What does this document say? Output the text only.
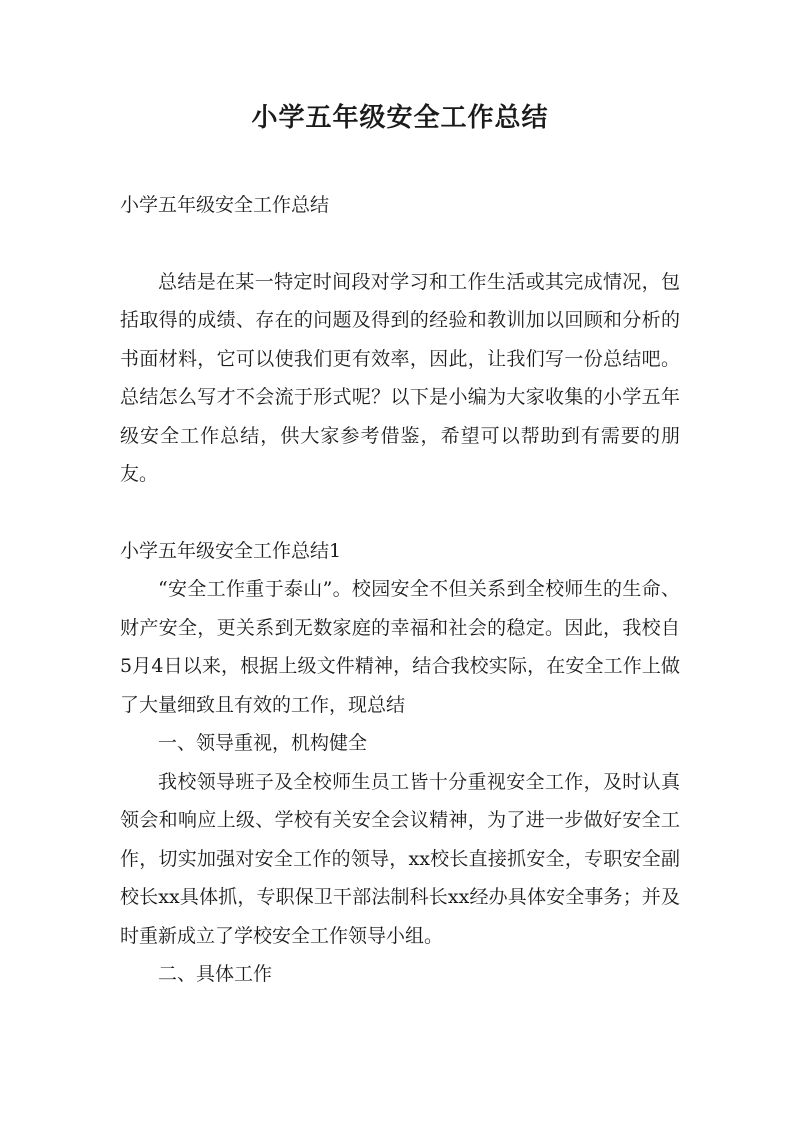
小学五年级安全工作总结

小学五年级安全工作总结

总结是在某一特定时间段对学习和工作生活或其完成情况，包括取得的成绩、存在的问题及得到的经验和教训加以回顾和分析的书面材料，它可以使我们更有效率，因此，让我们写一份总结吧。总结怎么写才不会流于形式呢？以下是小编为大家收集的小学五年级安全工作总结，供大家参考借鉴，希望可以帮助到有需要的朋友。

小学五年级安全工作总结1

“安全工作重于泰山”。校园安全不但关系到全校师生的生命、财产安全，更关系到无数家庭的幸福和社会的稳定。因此，我校自5月4日以来，根据上级文件精神，结合我校实际，在安全工作上做了大量细致且有效的工作，现总结

一、领导重视，机构健全

我校领导班子及全校师生员工皆十分重视安全工作，及时认真领会和响应上级、学校有关安全会议精神，为了进一步做好安全工作，切实加强对安全工作的领导，xx校长直接抓安全，专职安全副校长xx具体抓，专职保卫干部法制科长xx经办具体安全事务；并及时重新成立了学校安全工作领导小组。

二、具体工作
